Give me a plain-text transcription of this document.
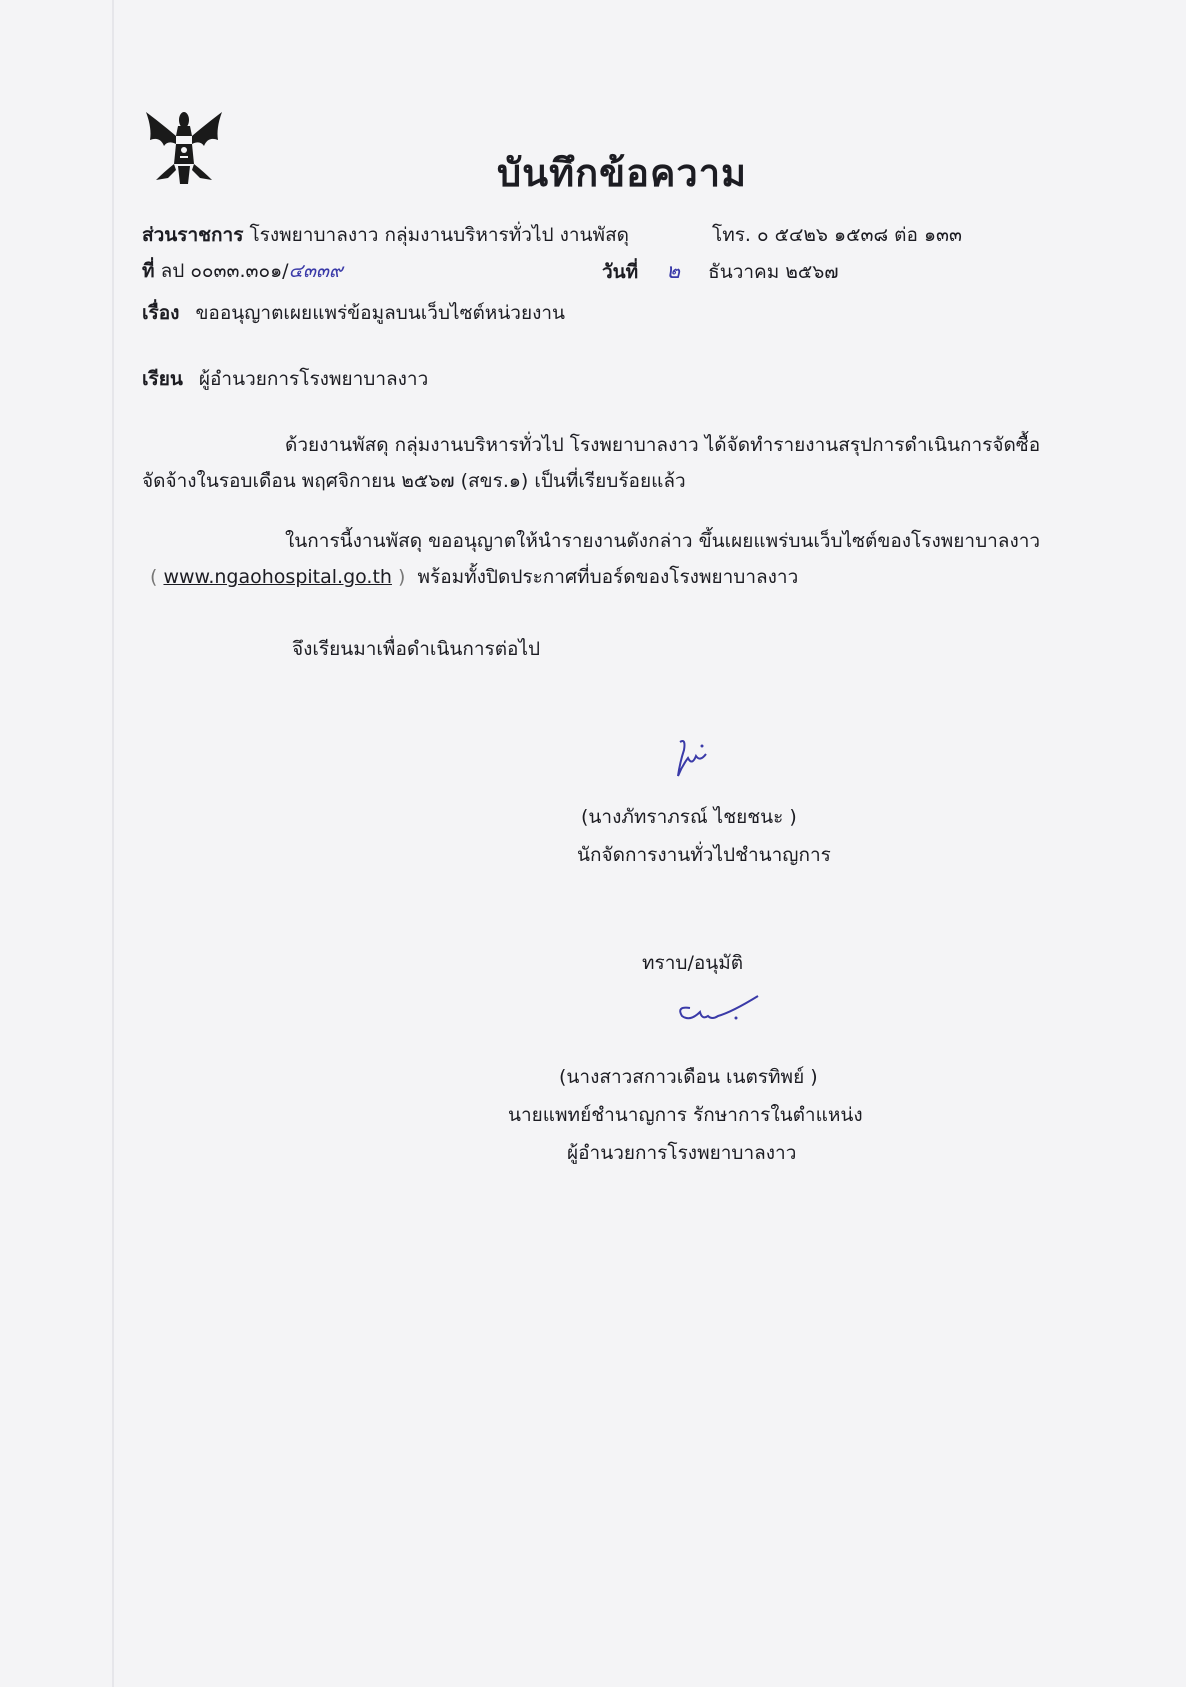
บันทึกข้อความ
ส่วนราชการ โรงพยาบาลงาว กลุ่มงานบริหารทั่วไป งานพัสดุ	โทร. ๐ ๕๔๒๖ ๑๕๓๘ ต่อ ๑๓๓
ที่ ลป ๐๐๓๓.๓๐๑/๔๓๓๙	วันที่ ๒ ธันวาคม ๒๕๖๗
เรื่อง ขออนุญาตเผยแพร่ข้อมูลบนเว็บไซต์หน่วยงาน
เรียน ผู้อำนวยการโรงพยาบาลงาว
ด้วยงานพัสดุ กลุ่มงานบริหารทั่วไป โรงพยาบาลงาว ได้จัดทำรายงานสรุปการดำเนินการจัดซื้อ
จัดจ้างในรอบเดือน พฤศจิกายน ๒๕๖๗ (สขร.๑) เป็นที่เรียบร้อยแล้ว
ในการนี้งานพัสดุ ขออนุญาตให้นำรายงานดังกล่าว ขึ้นเผยแพร่บนเว็บไซต์ของโรงพยาบาลงาว
( www.ngaohospital.go.th ) พร้อมทั้งปิดประกาศที่บอร์ดของโรงพยาบาลงาว
จึงเรียนมาเพื่อดำเนินการต่อไป
(นางภัทราภรณ์ ไชยชนะ )
นักจัดการงานทั่วไปชำนาญการ
ทราบ/อนุมัติ
(นางสาวสกาวเดือน เนตรทิพย์ )
นายแพทย์ชำนาญการ รักษาการในตำแหน่ง
ผู้อำนวยการโรงพยาบาลงาว
